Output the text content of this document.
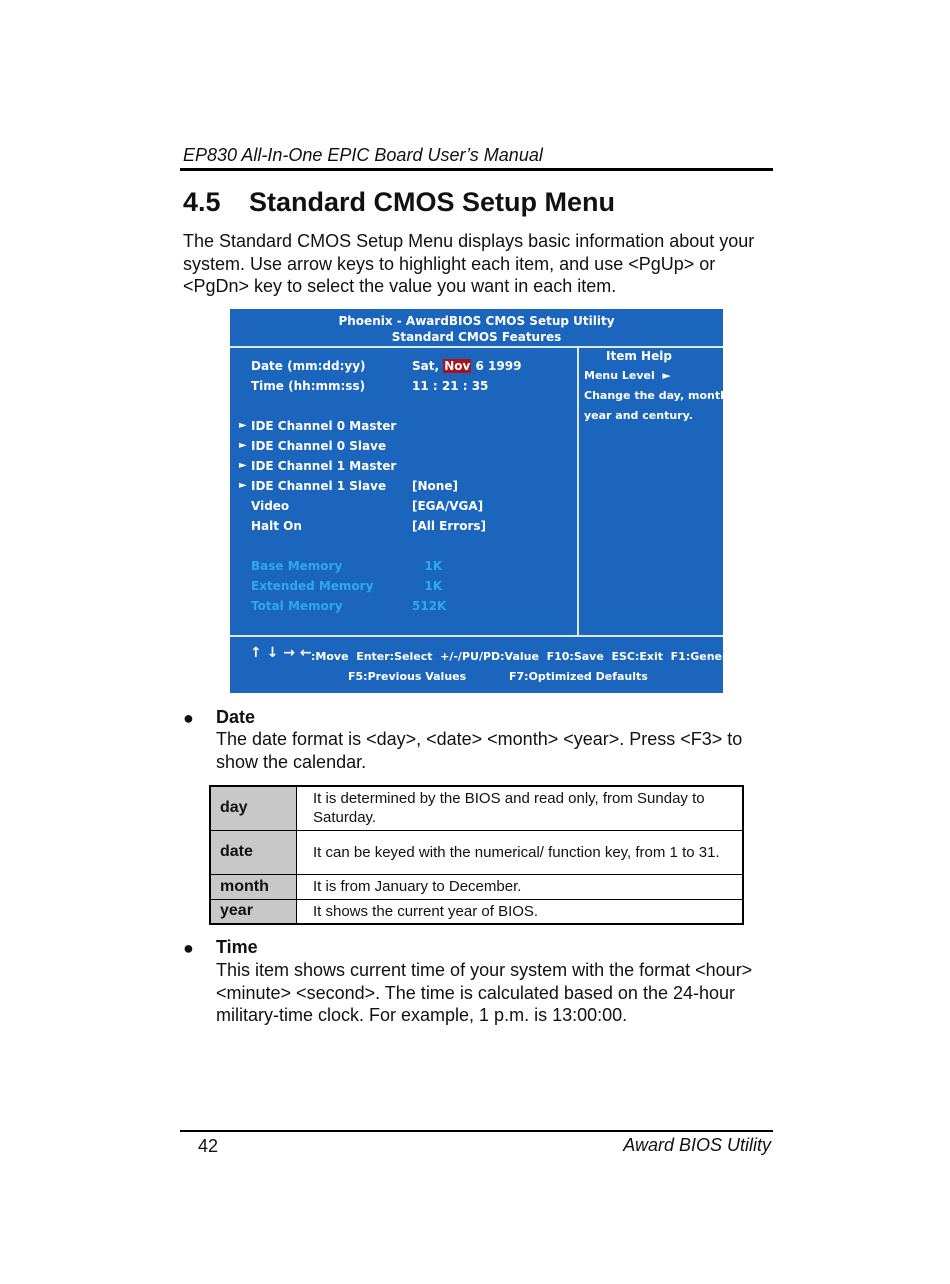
EP830 All-In-One EPIC Board User’s Manual
4.5 Standard CMOS Setup Menu

The Standard CMOS Setup Menu displays basic information about your system. Use arrow keys to highlight each item, and use <PgUp> or <PgDn> key to select the value you want in each item.

Phoenix - AwardBIOS CMOS Setup Utility
Standard CMOS Features
Date (mm:dd:yy)	Sat, Nov 6 1999
Time (hh:mm:ss)	11 : 21 : 35
► IDE Channel 0 Master
► IDE Channel 0 Slave
► IDE Channel 1 Master
► IDE Channel 1 Slave [None]
Video	[EGA/VGA]
Halt On	[All Errors]
Base Memory	1K
Extended Memory	1K
Total Memory	512K
Item Help
Menu Level  ►
Change the day, month,
year and century.
↑ ↓ → ← :Move  Enter:Select  +/-/PU/PD:Value  F10:Save  ESC:Exit  F1:General Help
F5:Previous Values	F7:Optimized Defaults
● Date

The date format is <day>, <date> <month> <year>. Press <F3> to show the calendar.

day	It is determined by the BIOS and read only, from Sunday to Saturday.
date	It can be keyed with the numerical/ function key, from 1 to 31.
month	It is from January to December.
year	It shows the current year of BIOS.
● Time

This item shows current time of your system with the format <hour> <minute> <second>. The time is calculated based on the 24-hour military-time clock. For example, 1 p.m. is 13:00:00.

42	Award BIOS Utility
